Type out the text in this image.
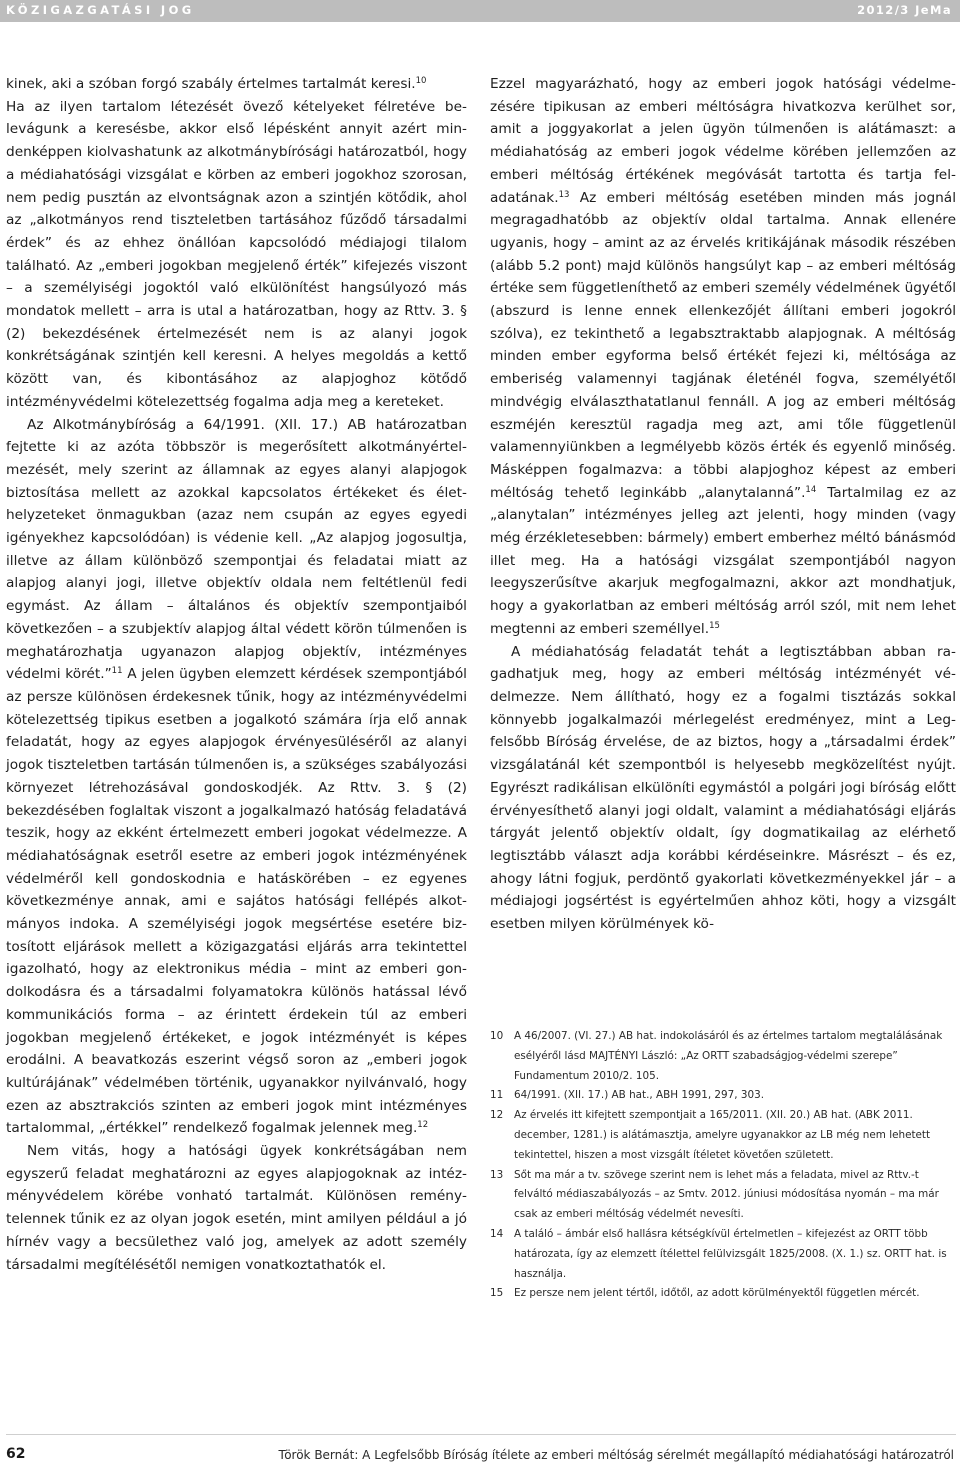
KÖZIGAZGATÁSI JOG	2012/3 JeMa

kinek, aki a szóban forgó szabály értelmes tartalmát keresi.$^{10}$

Ha az ilyen tartalom létezését övező kételyeket félretéve belevágunk a keresésbe, akkor első lépésként annyit azért mindenképpen kiolvashatunk az alkotmánybírósági határozatból, hogy a médiahatósági vizsgálat e körben az emberi jogokhoz szorosan, nem pedig pusztán az elvontságnak azon a szintjén kötődik, ahol az „alkotmányos rend tiszteletben tartásához fűződő társadalmi érdek” és az ehhez önállóan kapcsolódó médiajogi tilalom található. Az „emberi jogokban megjelenő érték” kifejezés viszont – a személyiségi jogoktól való elkülönítést hangsúlyozó más mondatok mellett – arra is utal a határozatban, hogy az Rttv. 3. § (2) bekezdésének értelmezését nem is az alanyi jogok konkrétságának szintjén kell keresni. A helyes megoldás a kettő között van, és kibontásához az alapjoghoz kötődő intézményvédelmi kötelezettség fogalma adja meg a kereteket.

Az Alkotmánybíróság a 64/1991. (XII. 17.) AB határozatban fejtette ki az azóta többször is megerősített alkotmányértelmezését, mely szerint az államnak az egyes alanyi alapjogok biztosítása mellett az azokkal kapcsolatos értékeket és élethelyzeteket önmagukban (azaz nem csupán az egyes egyedi igényekhez kapcsolódóan) is védenie kell. „Az alapjog jogosultja, illetve az állam különböző szempontjai és feladatai miatt az alapjog alanyi jogi, illetve objektív oldala nem feltétlenül fedi egymást. Az állam – általános és objektív szempontjaiból következően – a szubjektív alapjog által védett körön túlmenően is meghatározhatja ugyanazon alapjog objektív, intézményes védelmi körét.”$^{11}$ A jelen ügyben elemzett kérdések szempontjából az persze különösen érdekesnek tűnik, hogy az intézményvédelmi kötelezettség tipikus esetben a jogalkotó számára írja elő annak feladatát, hogy az egyes alapjogok érvényesüléséről az alanyi jogok tiszteletben tartásán túlmenően is, a szükséges szabályozási környezet létrehozásával gondoskodjék. Az Rttv. 3. § (2) bekezdésében foglaltak viszont a jogalkalmazó hatóság feladatává teszik, hogy az ekként értelmezett emberi jogokat védelmezze. A médiahatóságnak esetről esetre az emberi jogok intézményének védelméről kell gondoskodnia e hatáskörében – ez egyenes következménye annak, ami e sajátos hatósági fellépés alkotmányos indoka. A személyiségi jogok megsértése esetére biztosított eljárások mellett a közigazgatási eljárás arra tekintettel igazolható, hogy az elektronikus média – mint az emberi gondolkodásra és a társadalmi folyamatokra különös hatással lévő kommunikációs forma – az érintett érdekein túl az emberi jogokban megjelenő értékeket, e jogok intézményét is képes erodálni. A beavatkozás eszerint végső soron az „emberi jogok kultúrájának” védelmében történik, ugyanakkor nyilvánvaló, hogy ezen az absztrakciós szinten az emberi jogok mint intézményes tartalommal, „értékkel” rendelkező fogalmak jelennek meg.$^{12}$

Nem vitás, hogy a hatósági ügyek konkrétságában nem egyszerű feladat meghatározni az egyes alapjogoknak az intézményvédelem körébe vonható tartalmát. Különösen reménytelennek tűnik ez az olyan jogok esetén, mint amilyen például a jó hírnév vagy a becsülethez való jog, amelyek az adott személy társadalmi megítélésétől nemigen vonatkoztathatók el.

Ezzel magyarázható, hogy az emberi jogok hatósági védelmezésére tipikusan az emberi méltóságra hivatkozva kerülhet sor, amit a joggyakorlat a jelen ügyön túlmenően is alátámaszt: a médiahatóság az emberi jogok védelme körében jellemzően az emberi méltóság értékének megóvását tartotta és tartja feladatának.$^{13}$ Az emberi méltóság esetében minden más jognál megragadhatóbb az objektív oldal tartalma. Annak ellenére ugyanis, hogy – amint az az érvelés kritikájának második részében (alább 5.2 pont) majd különös hangsúlyt kap – az emberi méltóság értéke sem függetleníthető az emberi személy védelmének ügyétől (abszurd is lenne ennek ellenkezőjét állítani emberi jogokról szólva), ez tekinthető a legabsztraktabb alapjognak. A méltóság minden ember egyforma belső értékét fejezi ki, méltósága az emberiség valamennyi tagjának életénél fogva, személyétől mindvégig elválaszthatatlanul fennáll. A jog az emberi méltóság eszméjén keresztül ragadja meg azt, ami tőle függetlenül valamennyiünkben a legmélyebb közös érték és egyenlő minőség. Másképpen fogalmazva: a többi alapjoghoz képest az emberi méltóság tehető leginkább „alanytalanná”.$^{14}$ Tartalmilag ez az „alanytalan” intézményes jelleg azt jelenti, hogy minden (vagy még érzékletesebben: bármely) embert emberhez méltó bánásmód illet meg. Ha a hatósági vizsgálat szempontjából nagyon leegyszerűsítve akarjuk megfogalmazni, akkor azt mondhatjuk, hogy a gyakorlatban az emberi méltóság arról szól, mit nem lehet megtenni az emberi személlyel.$^{15}$

A médiahatóság feladatát tehát a legtisztábban abban ragadhatjuk meg, hogy az emberi méltóság intézményét védelmezze. Nem állítható, hogy ez a fogalmi tisztázás sokkal könnyebb jogalkalmazói mérlegelést eredményez, mint a Legfelsőbb Bíróság érvelése, de az biztos, hogy a „társadalmi érdek” vizsgálatánál két szempontból is helyesebb megközelítést nyújt. Egyrészt radikálisan elkülöníti egymástól a polgári jogi bíróság előtt érvényesíthető alanyi jogi oldalt, valamint a médiahatósági eljárás tárgyát jelentő objektív oldalt, így dogmatikailag az elérhető legtisztább választ adja korábbi kérdéseinkre. Másrészt – és ez, ahogy látni fogjuk, perdöntő gyakorlati következményekkel jár – a médiajogi jogsértést is egyértelműen ahhoz köti, hogy a vizsgált esetben milyen körülmények kö-

10 A 46/2007. (VI. 27.) AB hat. indokolásáról és az értelmes tartalom megtalálásának esélyéről lásd MAJTÉNYI László: „Az ORTT szabadságjog-védelmi szerepe” Fundamentum 2010/2. 105.

11 64/1991. (XII. 17.) AB hat., ABH 1991, 297, 303.

12 Az érvelés itt kifejtett szempontjait a 165/2011. (XII. 20.) AB hat. (ABK 2011. december, 1281.) is alátámasztja, amelyre ugyanakkor az LB még nem lehetett tekintettel, hiszen a most vizsgált ítéletet követően született.

13 Sőt ma már a tv. szövege szerint nem is lehet más a feladata, mivel az Rttv.-t felváltó médiaszabályozás – az Smtv. 2012. júniusi módosítása nyomán – ma már csak az emberi méltóság védelmét nevesíti.

14 A találó – ámbár első hallásra kétségkívül értelmetlen – kifejezést az ORTT több határozata, így az elemzett ítélettel felülvizsgált 1825/2008. (X. 1.) sz. ORTT hat. is használja.

15 Ez persze nem jelent tértől, időtől, az adott körülményektől független mércét.

62	Török Bernát: A Legfelsőbb Bíróság ítélete az emberi méltóság sérelmét megállapító médiahatósági határozatról
